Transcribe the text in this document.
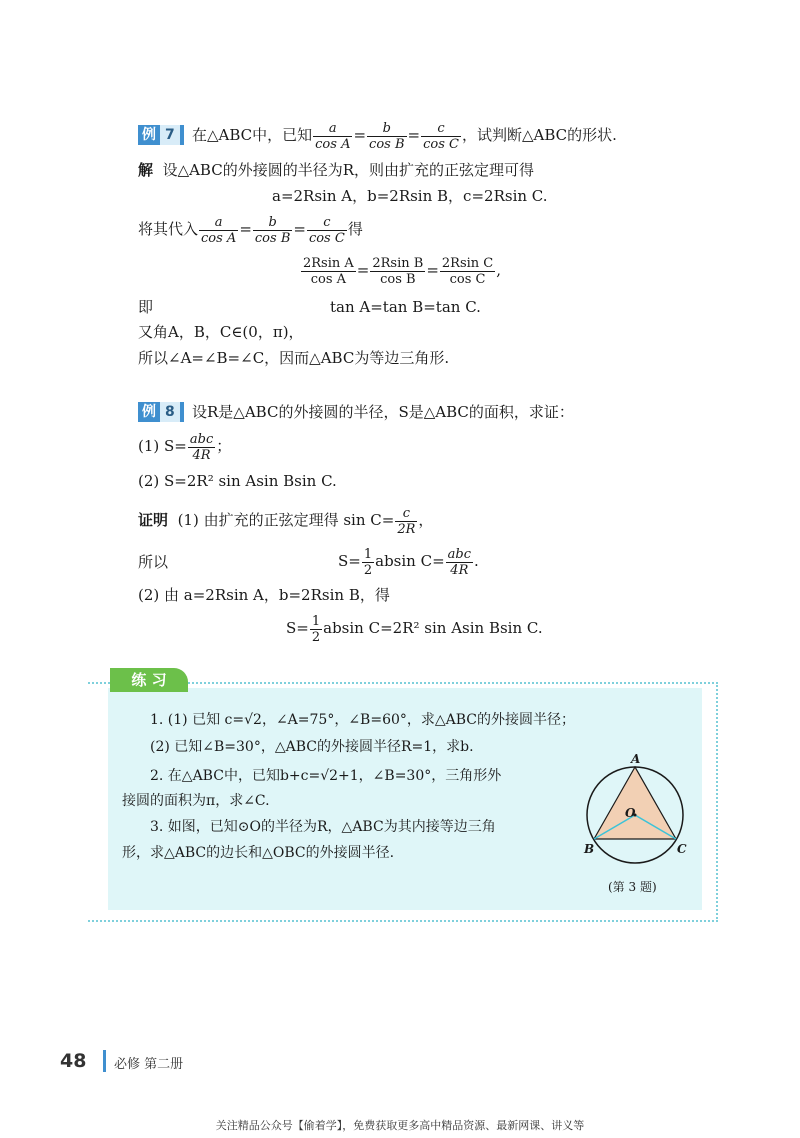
例 7	在△ABC中，已知 $\frac{a}{\text{cos A}} = \frac{b}{\text{cos B}} = \frac{c}{\text{cos C}}$ ，试判断△ABC的形状.
解 设△ABC的外接圆的半径为R，则由扩充的正弦定理可得
a=2Rsin A，b=2Rsin B，c=2Rsin C.
将其代入 $\frac{a}{\text{cos A}} = \frac{b}{\text{cos B}} = \frac{c}{\text{cos C}}$ 得
$\frac{\text{2Rsin A}}{\text{cos A}} = \frac{\text{2Rsin B}}{\text{cos B}} = \frac{\text{2Rsin C}}{\text{cos C}}$ ,
即	tan A=tan B=tan C.
又角A，B，C∈(0，π)，
所以∠A=∠B=∠C，因而△ABC为等边三角形.
例 8	设R是△ABC的外接圆的半径，S是△ABC的面积，求证：
(1) $S= \frac{\text{abc}}{4R}$ ；
(2) S=2R² sin Asin Bsin C.
证明 (1) 由扩充的正弦定理得 $\sin C= \frac{c}{2R}$ ，
所以	$S= \frac{1}{2}$ absin $C= \frac{\text{abc}}{4R}$ .
(2) 由 a=2Rsin A，b=2Rsin B，得
$S= \frac{1}{2}$ absin C=2R² sin Asin Bsin C.
练 习
1. (1) 已知 c=√2，∠A=75°，∠B=60°，求△ABC的外接圆半径；
(2) 已知∠B=30°，△ABC的外接圆半径R=1，求b.
2. 在△ABC中，已知b+c=√2+1，∠B=30°，三角形外
接圆的面积为π，求∠C.
3. 如图，已知⊙O的半径为R，△ABC为其内接等边三角
形，求△ABC的边长和△OBC的外接圆半径.
A
B	C
O
(第 3 题)
48 必修 第二册
关注精品公众号【偷着学】，免费获取更多高中精品资源、最新网课、讲义等
